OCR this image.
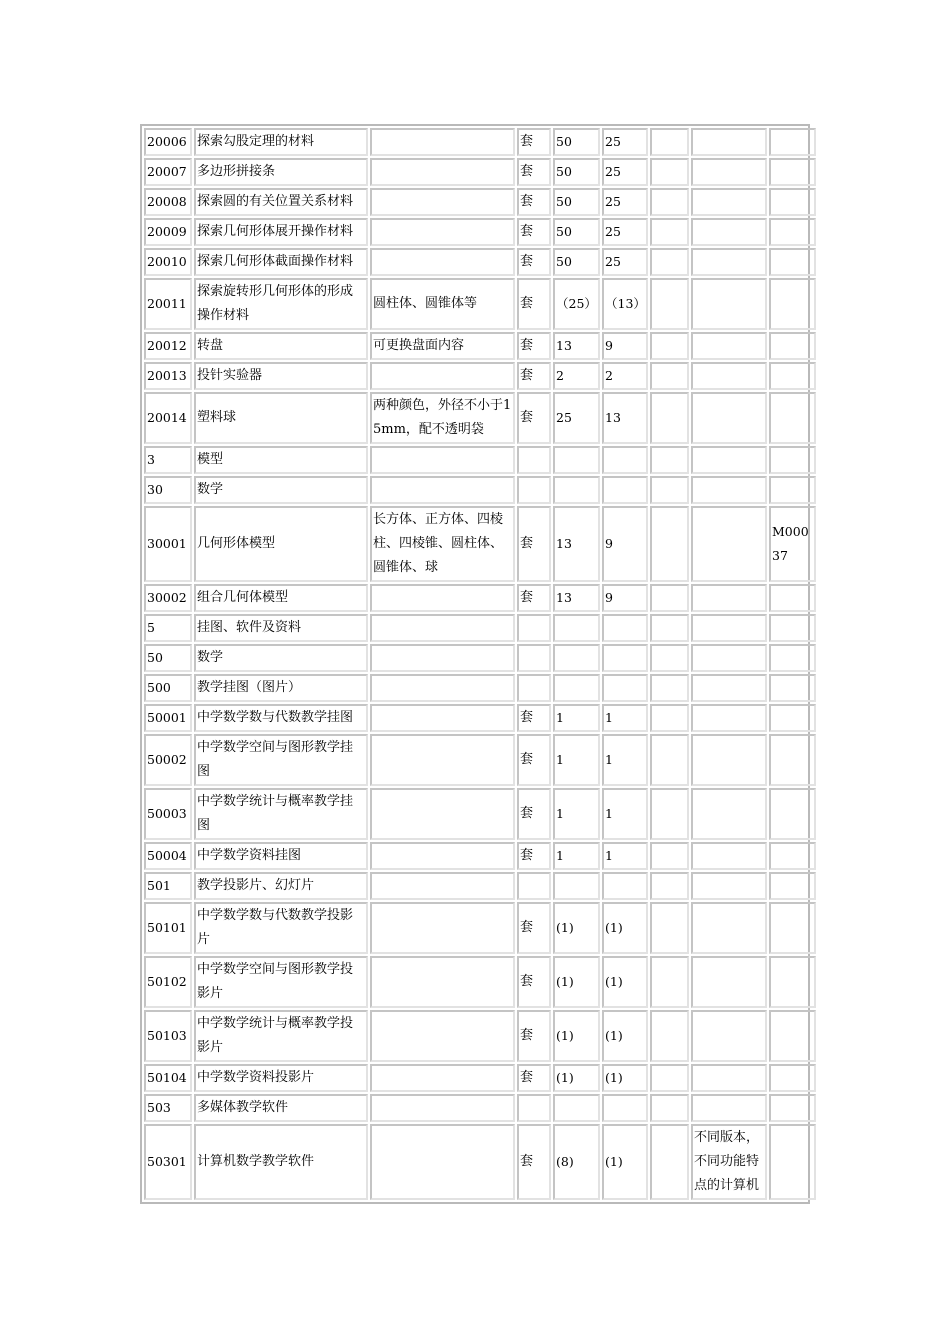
20006	探索勾股定理的材料		套	50	25			
20007	多边形拼接条		套	50	25			
20008	探索圆的有关位置关系材料		套	50	25			
20009	探索几何形体展开操作材料		套	50	25			
20010	探索几何形体截面操作材料		套	50	25			
20011	探索旋转形几何形体的形成操作材料	圆柱体、圆锥体等	套	（25）	（13）			
20012	转盘	可更换盘面内容	套	13	9			
20013	投针实验器		套	2	2			
20014	塑料球	两种颜色，外径不小于15mm，配不透明袋	套	25	13			
3	模型							
30	数学							
30001	几何形体模型	长方体、正方体、四棱柱、四棱锥、圆柱体、圆锥体、球	套	13	9			M00037
30002	组合几何体模型		套	13	9			
5	挂图、软件及资料							
50	数学							
500	教学挂图（图片）							
50001	中学数学数与代数教学挂图		套	1	1			
50002	中学数学空间与图形教学挂图		套	1	1			
50003	中学数学统计与概率教学挂图		套	1	1			
50004	中学数学资料挂图		套	1	1			
501	教学投影片、幻灯片							
50101	中学数学数与代数教学投影片		套	(1)	(1)			
50102	中学数学空间与图形教学投影片		套	(1)	(1)			
50103	中学数学统计与概率教学投影片		套	(1)	(1)			
50104	中学数学资料投影片		套	(1)	(1)			
503	多媒体教学软件							
50301	计算机数学教学软件		套	(8)	(1)		不同版本，不同功能特点的计算机	
